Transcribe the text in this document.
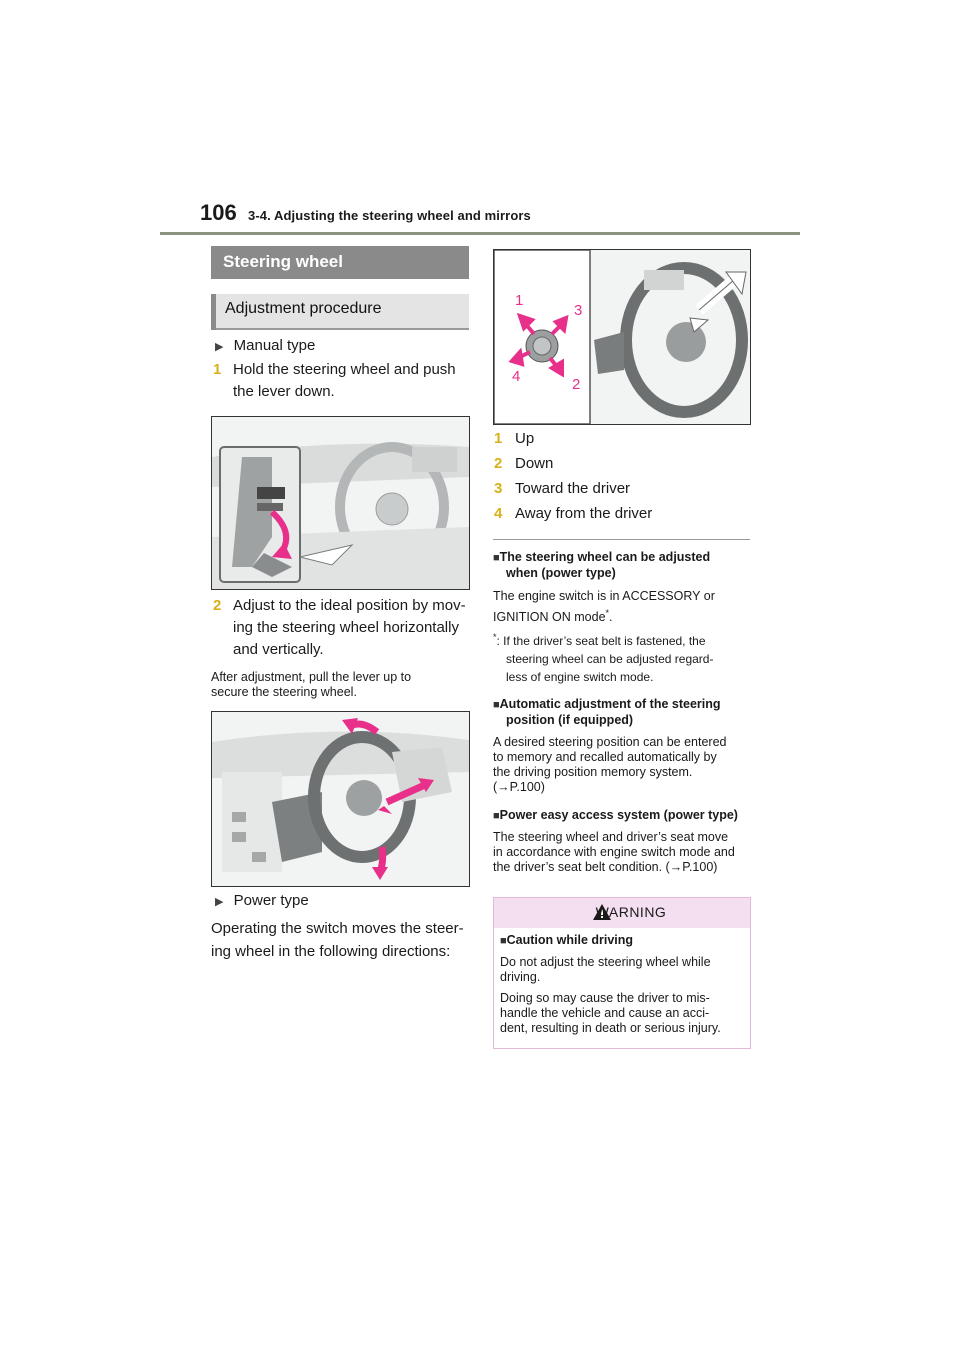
106 3-4. Adjusting the steering wheel and mirrors
Steering wheel
Adjustment procedure
▶ Manual type
1 Hold the steering wheel and push
the lever down.
2 Adjust to the ideal position by mov-
ing the steering wheel horizontally
and vertically.
After adjustment, pull the lever up to
secure the steering wheel.
▶ Power type
Operating the switch moves the steer-
ing wheel in the following directions:
1
3
4	2
1 Up
2 Down
3 Toward the driver
4 Away from the driver
■The steering wheel can be adjusted
when (power type)
The engine switch is in ACCESSORY or
IGNITION ON mode*.
*: If the driver’s seat belt is fastened, the
steering wheel can be adjusted regard-
less of engine switch mode.
■Automatic adjustment of the steering
position (if equipped)
A desired steering position can be entered
to memory and recalled automatically by
the driving position memory system.
(→P.100)
■Power easy access system (power type)
The steering wheel and driver’s seat move
in accordance with engine switch mode and
the driver’s seat belt condition. (→P.100)
WARNING
■Caution while driving
Do not adjust the steering wheel while
driving.
Doing so may cause the driver to mis-
handle the vehicle and cause an acci-
dent, resulting in death or serious injury.
